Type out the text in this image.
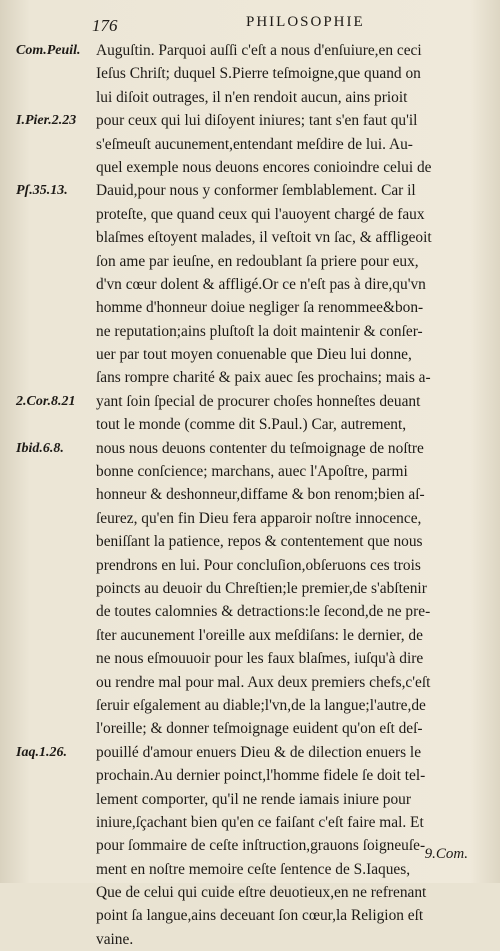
176	PHILOSOPHIE
Com.Peuil.
I.Pier.2.23
Pſ.35.13.
2.Cor.8.21
Ibid.6.8.
Iaq.1.26.
Auguſtin. Parquoi auſſi c'eſt a nous d'enſuiure,en ceci
Ieſus Chriſt; duquel S.Pierre teſmoigne,que quand on
lui diſoit outrages, il n'en rendoit aucun, ains prioit
pour ceux qui lui diſoyent iniures; tant s'en faut qu'il
s'eſmeuſt aucunement,entendant meſdire de lui. Au-
quel exemple nous deuons encores conioindre celui de
Dauid,pour nous y conformer ſemblablement. Car il
proteſte, que quand ceux qui l'auoyent chargé de faux
blaſmes eſtoyent malades, il veſtoit vn ſac, & affligeoit
ſon ame par ieuſne, en redoublant ſa priere pour eux,
d'vn cœur dolent & affligé.Or ce n'eſt pas à dire,qu'vn
homme d'honneur doiue negliger ſa renommee&bon-
ne reputation;ains pluſtoſt la doit maintenir & conſer-
uer par tout moyen conuenable que Dieu lui donne,
ſans rompre charité & paix auec ſes prochains; mais a-
yant ſoin ſpecial de procurer choſes honneſtes deuant
tout le monde (comme dit S.Paul.) Car, autrement,
nous nous deuons contenter du teſmoignage de noſtre
bonne conſcience; marchans, auec l'Apoſtre, parmi
honneur & deshonneur,diffame & bon renom;bien aſ-
ſeurez, qu'en fin Dieu fera apparoir noſtre innocence,
beniſſant la patience, repos & contentement que nous
prendrons en lui. Pour concluſion,obſeruons ces trois
poincts au deuoir du Chreſtien;le premier,de s'abſtenir
de toutes calomnies & detractions:le ſecond,de ne pre-
ſter aucunement l'oreille aux meſdiſans: le dernier, de
ne nous eſmouuoir pour les faux blaſmes, iuſqu'à dire
ou rendre mal pour mal. Aux deux premiers chefs,c'eſt
ſeruir eſgalement au diable;l'vn,de la langue;l'autre,de
l'oreille; & donner teſmoignage euident qu'on eſt deſ-
pouillé d'amour enuers Dieu & de dilection enuers le
prochain.Au dernier poinct,l'homme fidele ſe doit tel-
lement comporter, qu'il ne rende iamais iniure pour
iniure,ſçachant bien qu'en ce faiſant c'eſt faire mal. Et
pour ſommaire de ceſte inſtruction,grauons ſoigneuſe-
ment en noſtre memoire ceſte ſentence de S.Iaques,
Que de celui qui cuide eſtre deuotieux,en ne refrenant
point ſa langue,ains deceuant ſon cœur,la Religion eſt
vaine.
9.Com.
